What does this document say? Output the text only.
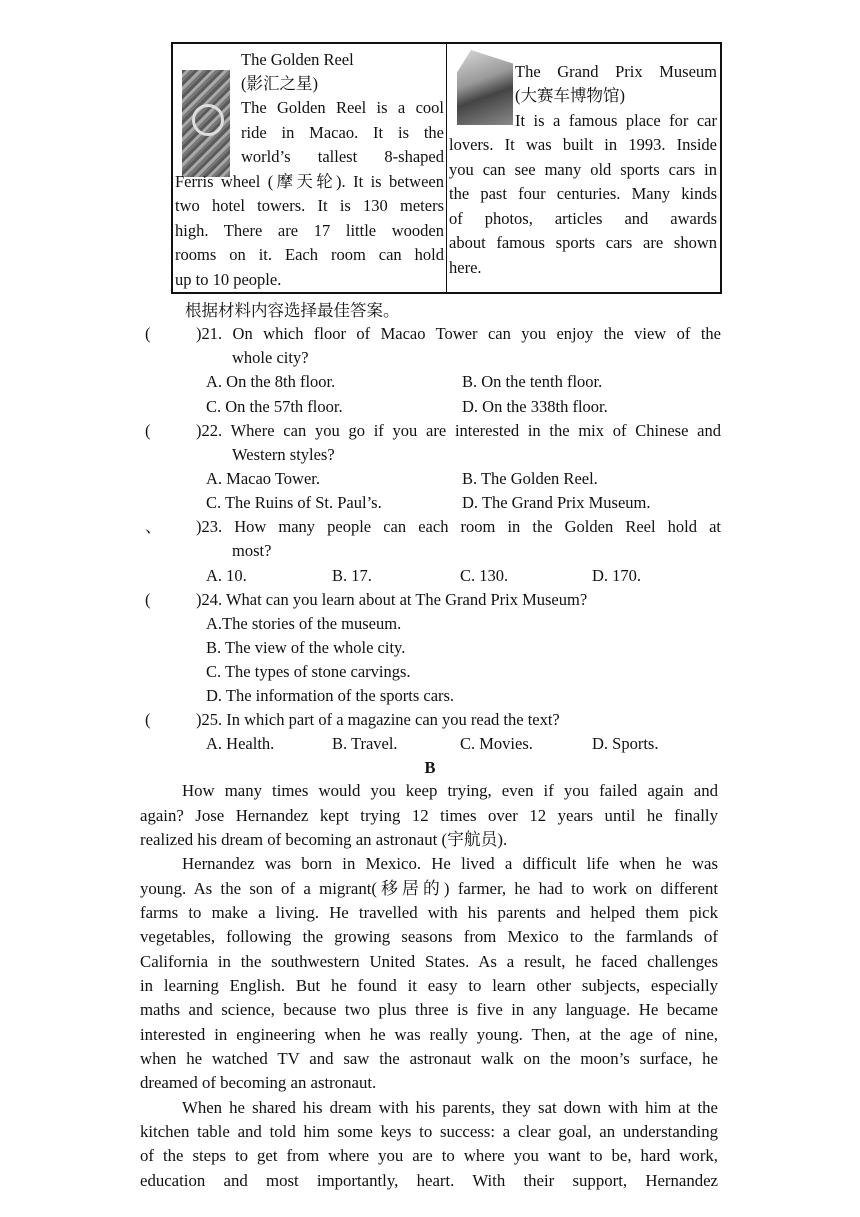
The Golden Reel
(影汇之星)
The Golden Reel is a cool
ride in Macao. It is the
world’s tallest 8-shaped
Ferris wheel (摩天轮). It is between
two hotel towers. It is 130 meters
high. There are 17 little wooden
rooms on it. Each room can hold
up to 10 people.
The Grand Prix Museum
(大赛车博物馆)
It is a famous place for car
lovers. It was built in 1993. Inside
you can see many old sports cars in
the past four centuries. Many kinds
of photos, articles and awards
about famous sports cars are shown
here.
根据材料内容选择最佳答案。
(	)21. On which floor of Macao Tower can you enjoy the view of the
whole city?
A. On the 8th floor.	B. On the tenth floor.
C. On the 57th floor.	D. On the 338th floor.
(	)22. Where can you go if you are interested in the mix of Chinese and
Western styles?
A. Macao Tower.	B. The Golden Reel.
C. The Ruins of St. Paul’s.	D. The Grand Prix Museum.
、 )23. How many people can each room in the Golden Reel hold at
most?
A. 10.	B. 17.	C. 130.	D. 170.
(	)24. What can you learn about at The Grand Prix Museum?
A.The stories of the museum.
B. The view of the whole city.
C. The types of stone carvings.
D. The information of the sports cars.
(	)25. In which part of a magazine can you read the text?
A. Health.	B. Travel.	C. Movies.	D. Sports.
B
How many times would you keep trying, even if you failed again and
again? Jose Hernandez kept trying 12 times over 12 years until he finally
realized his dream of becoming an astronaut (宇航员).
Hernandez was born in Mexico. He lived a difficult life when he was
young. As the son of a migrant(移居的) farmer, he had to work on different
farms to make a living. He travelled with his parents and helped them pick
vegetables, following the growing seasons from Mexico to the farmlands of
California in the southwestern United States. As a result, he faced challenges
in learning English. But he found it easy to learn other subjects, especially
maths and science, because two plus three is five in any language. He became
interested in engineering when he was really young. Then, at the age of nine,
when he watched TV and saw the astronaut walk on the moon’s surface, he
dreamed of becoming an astronaut.
When he shared his dream with his parents, they sat down with him at the
kitchen table and told him some keys to success: a clear goal, an understanding
of the steps to get from where you are to where you want to be, hard work,
education and most importantly, heart. With their support, Hernandez
